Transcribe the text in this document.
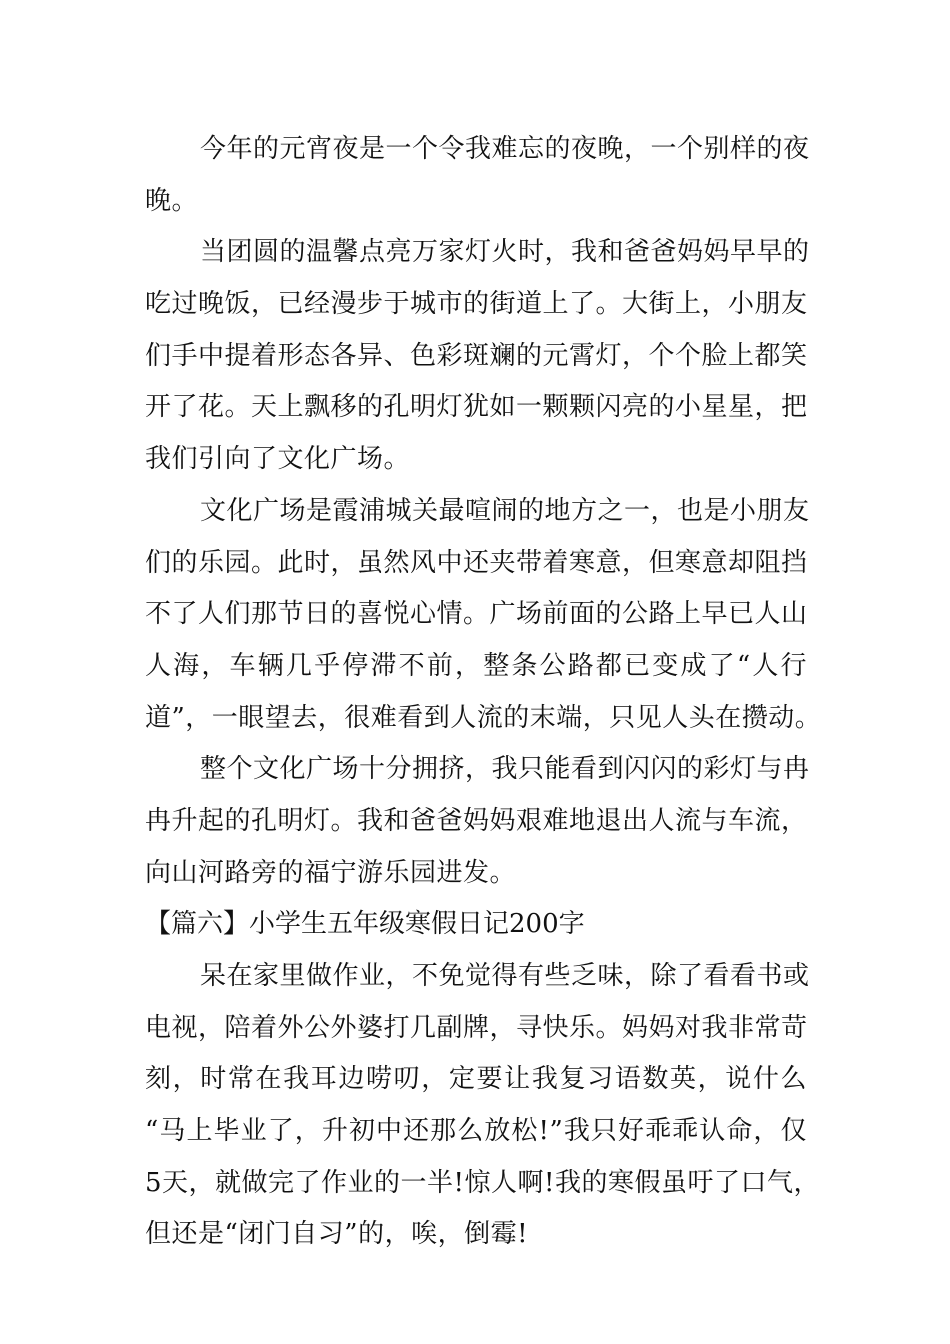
今年的元宵夜是一个令我难忘的夜晚，一个别样的夜
晚。
当团圆的温馨点亮万家灯火时，我和爸爸妈妈早早的
吃过晚饭，已经漫步于城市的街道上了。大街上，小朋友
们手中提着形态各异、色彩斑斓的元霄灯，个个脸上都笑
开了花。天上飘移的孔明灯犹如一颗颗闪亮的小星星，把
我们引向了文化广场。
文化广场是霞浦城关最喧闹的地方之一，也是小朋友
们的乐园。此时，虽然风中还夹带着寒意，但寒意却阻挡
不了人们那节日的喜悦心情。广场前面的公路上早已人山
人海，车辆几乎停滞不前，整条公路都已变成了“人行
道”，一眼望去，很难看到人流的末端，只见人头在攒动。
整个文化广场十分拥挤，我只能看到闪闪的彩灯与冉
冉升起的孔明灯。我和爸爸妈妈艰难地退出人流与车流，
向山河路旁的福宁游乐园进发。
【篇六】小学生五年级寒假日记200字
呆在家里做作业，不免觉得有些乏味，除了看看书或
电视，陪着外公外婆打几副牌，寻快乐。妈妈对我非常苛
刻，时常在我耳边唠叨，定要让我复习语数英，说什么
“马上毕业了，升初中还那么放松!”我只好乖乖认命，仅
5天，就做完了作业的一半!惊人啊!我的寒假虽吁了口气，
但还是“闭门自习”的，唉，倒霉!
